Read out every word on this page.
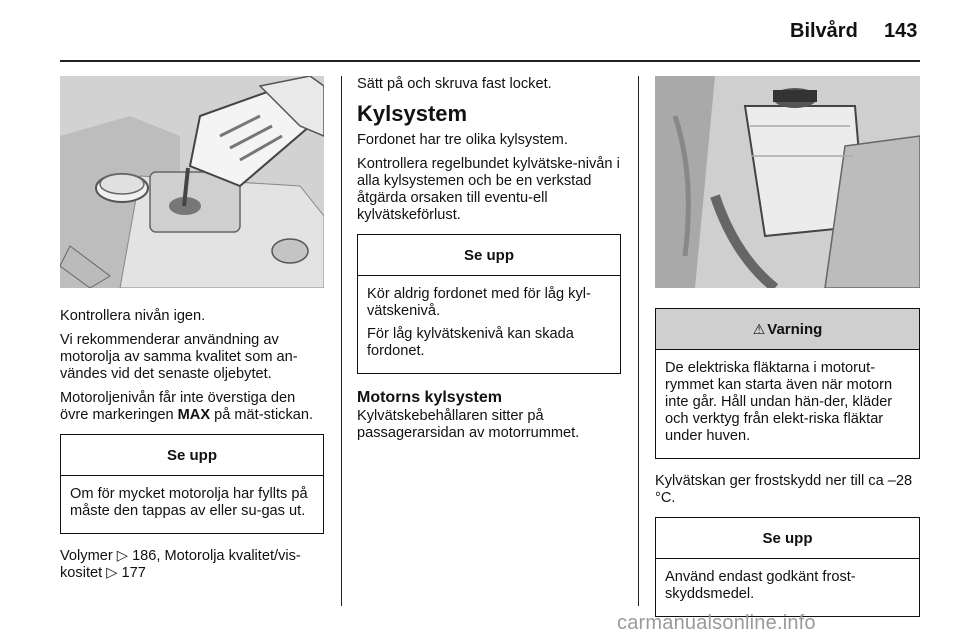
Bilvård 143

Kontrollera nivån igen.

Vi rekommenderar användning av motorolja av samma kvalitet som an-vändes vid det senaste oljebytet.

Motoroljenivån får inte överstiga den övre markeringen MAX på mät-stickan.

Se upp

Om för mycket motorolja har fyllts på måste den tappas av eller su-gas ut.

Volymer ▷ 186, Motorolja kvalitet/vis-kositet ▷ 177

Sätt på och skruva fast locket.

Kylsystem

Fordonet har tre olika kylsystem.

Kontrollera regelbundet kylvätske-nivån i alla kylsystemen och be en verkstad åtgärda orsaken till eventu-ell kylvätskeförlust.

Se upp

Kör aldrig fordonet med för låg kyl-vätskenivå.

För låg kylvätskenivå kan skada fordonet.

Motorns kylsystem

Kylvätskebehållaren sitter på passagerarsidan av motorrummet.

⚠ Varning

De elektriska fläktarna i motorut-rymmet kan starta även när motorn inte går. Håll undan hän-der, kläder och verktyg från elekt-riska fläktar under huven.

Kylvätskan ger frostskydd ner till ca –28 °C.

Se upp

Använd endast godkänt frost-skyddsmedel.

carmanualsonline.info
